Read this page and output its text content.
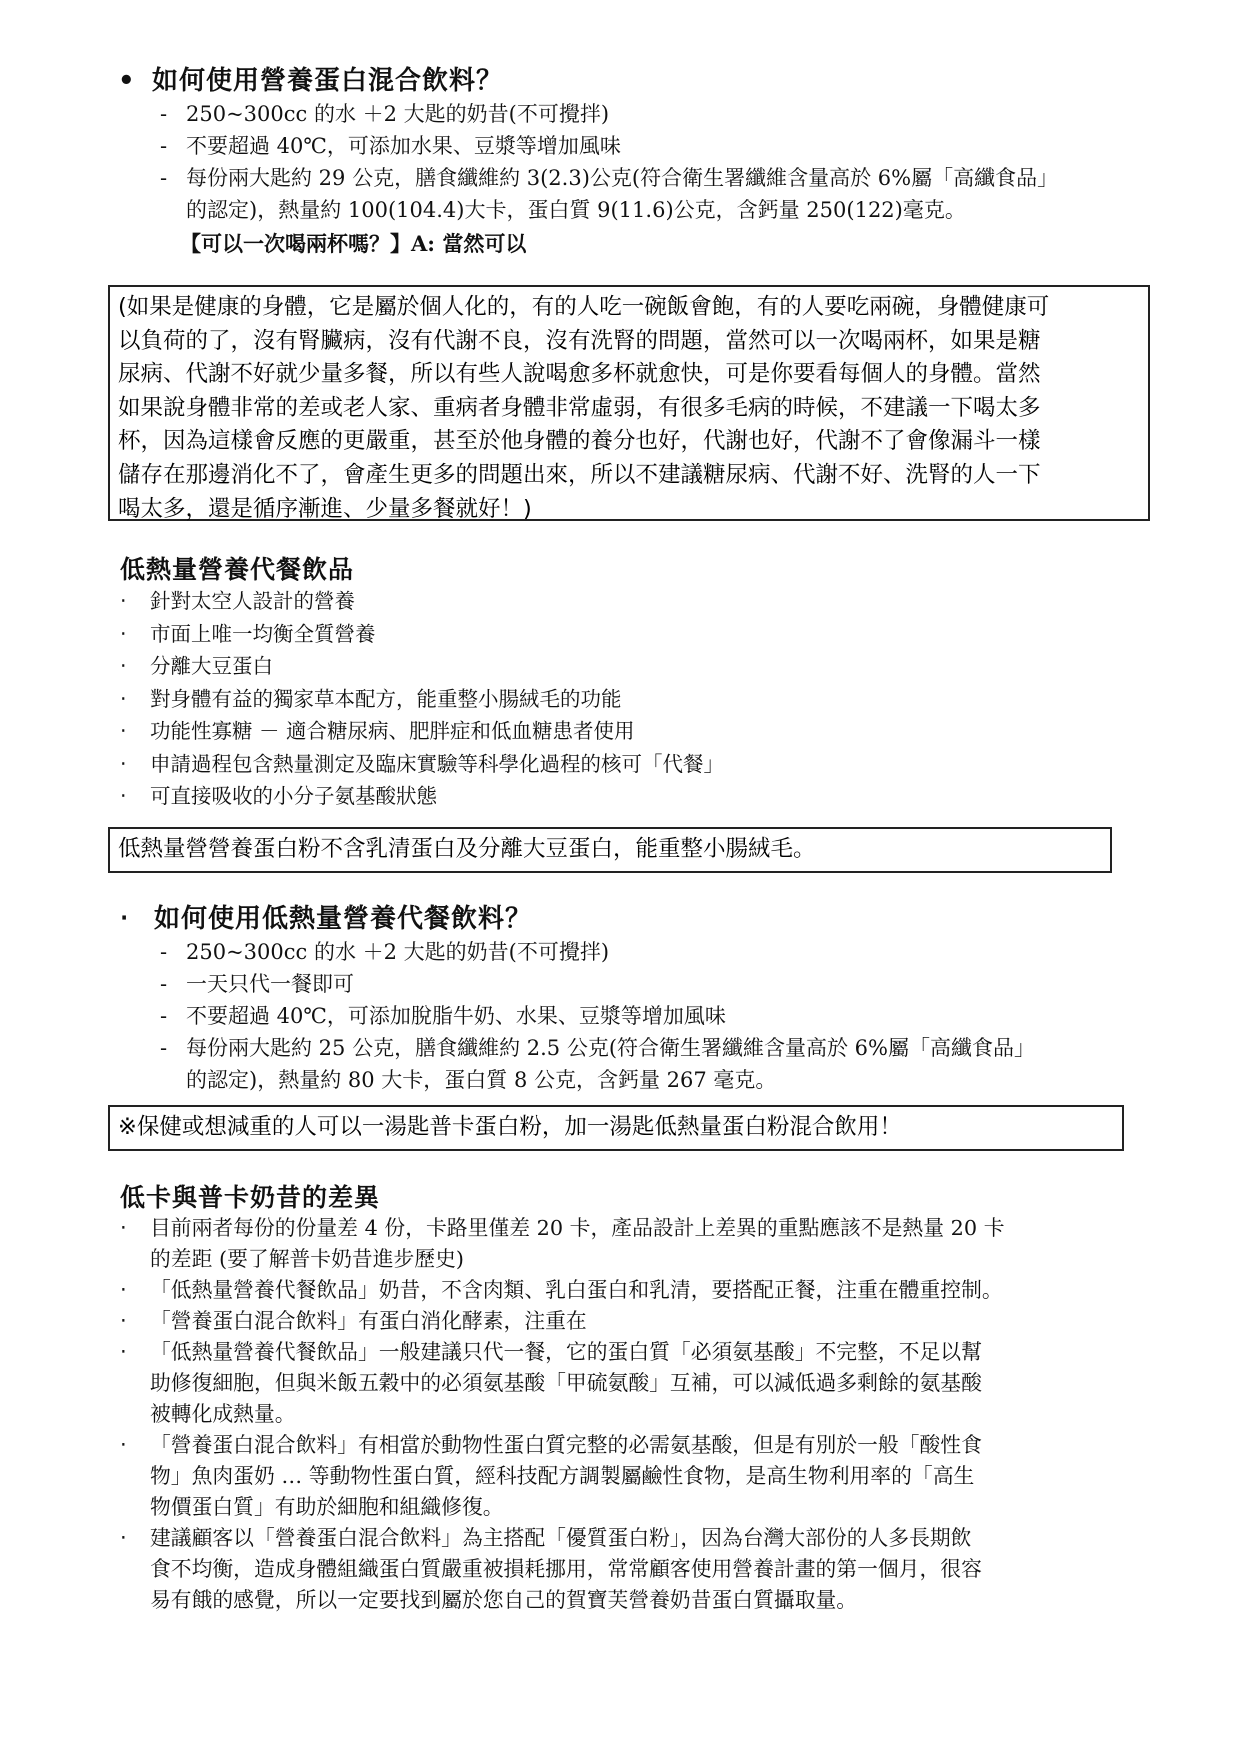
• 如何使用營養蛋白混合飲料？
- 250~300cc 的水 ＋2 大匙的奶昔(不可攪拌)
- 不要超過 40℃，可添加水果、豆漿等增加風味
- 每份兩大匙約 29 公克，膳食纖維約 3(2.3)公克(符合衛生署纖維含量高於 6%屬「高纖食品」
的認定)，熱量約 100(104.4)大卡，蛋白質 9(11.6)公克，含鈣量 250(122)毫克。
【可以一次喝兩杯嗎？】A: 當然可以

(如果是健康的身體，它是屬於個人化的，有的人吃一碗飯會飽，有的人要吃兩碗，身體健康可

以負荷的了，沒有腎臟病，沒有代謝不良，沒有洗腎的問題，當然可以一次喝兩杯，如果是糖

尿病、代謝不好就少量多餐，所以有些人說喝愈多杯就愈快，可是你要看每個人的身體。當然

如果說身體非常的差或老人家、重病者身體非常虛弱，有很多毛病的時候，不建議一下喝太多

杯，因為這樣會反應的更嚴重，甚至於他身體的養分也好，代謝也好，代謝不了會像漏斗一樣

儲存在那邊消化不了，會產生更多的問題出來，所以不建議糖尿病、代謝不好、洗腎的人一下

喝太多，還是循序漸進、少量多餐就好！)

低熱量營養代餐飲品
‧ 針對太空人設計的營養
‧ 市面上唯一均衡全質營養
‧ 分離大豆蛋白
‧ 對身體有益的獨家草本配方，能重整小腸絨毛的功能
‧ 功能性寡糖 － 適合糖尿病、肥胖症和低血糖患者使用
‧ 申請過程包含熱量測定及臨床實驗等科學化過程的核可「代餐」
‧ 可直接吸收的小分子氨基酸狀態

低熱量營營養蛋白粉不含乳清蛋白及分離大豆蛋白，能重整小腸絨毛。

‧ 如何使用低熱量營養代餐飲料？
- 250~300cc 的水 ＋2 大匙的奶昔(不可攪拌)
- 一天只代一餐即可
- 不要超過 40℃，可添加脫脂牛奶、水果、豆漿等增加風味
- 每份兩大匙約 25 公克，膳食纖維約 2.5 公克(符合衛生署纖維含量高於 6%屬「高纖食品」
的認定)，熱量約 80 大卡，蛋白質 8 公克，含鈣量 267 毫克。

※保健或想減重的人可以一湯匙普卡蛋白粉，加一湯匙低熱量蛋白粉混合飲用！

低卡與普卡奶昔的差異
‧	目前兩者每份的份量差 4 份，卡路里僅差 20 卡，產品設計上差異的重點應該不是熱量 20 卡
的差距 (要了解普卡奶昔進步歷史)
‧	「低熱量營養代餐飲品」奶昔，不含肉類、乳白蛋白和乳清，要搭配正餐，注重在體重控制。
‧	「營養蛋白混合飲料」有蛋白消化酵素，注重在
‧	「低熱量營養代餐飲品」一般建議只代一餐，它的蛋白質「必須氨基酸」不完整，不足以幫
助修復細胞，但與米飯五穀中的必須氨基酸「甲硫氨酸」互補，可以減低過多剩餘的氨基酸
被轉化成熱量。
‧	「營養蛋白混合飲料」有相當於動物性蛋白質完整的必需氨基酸，但是有別於一般「酸性食
物」魚肉蛋奶 … 等動物性蛋白質，經科技配方調製屬鹼性食物，是高生物利用率的「高生
物價蛋白質」有助於細胞和組織修復。
‧	建議顧客以「營養蛋白混合飲料」為主搭配「優質蛋白粉」，因為台灣大部份的人多長期飲
食不均衡，造成身體組織蛋白質嚴重被損耗挪用，常常顧客使用營養計畫的第一個月，很容
易有餓的感覺，所以一定要找到屬於您自己的賀寶芙營養奶昔蛋白質攝取量。
